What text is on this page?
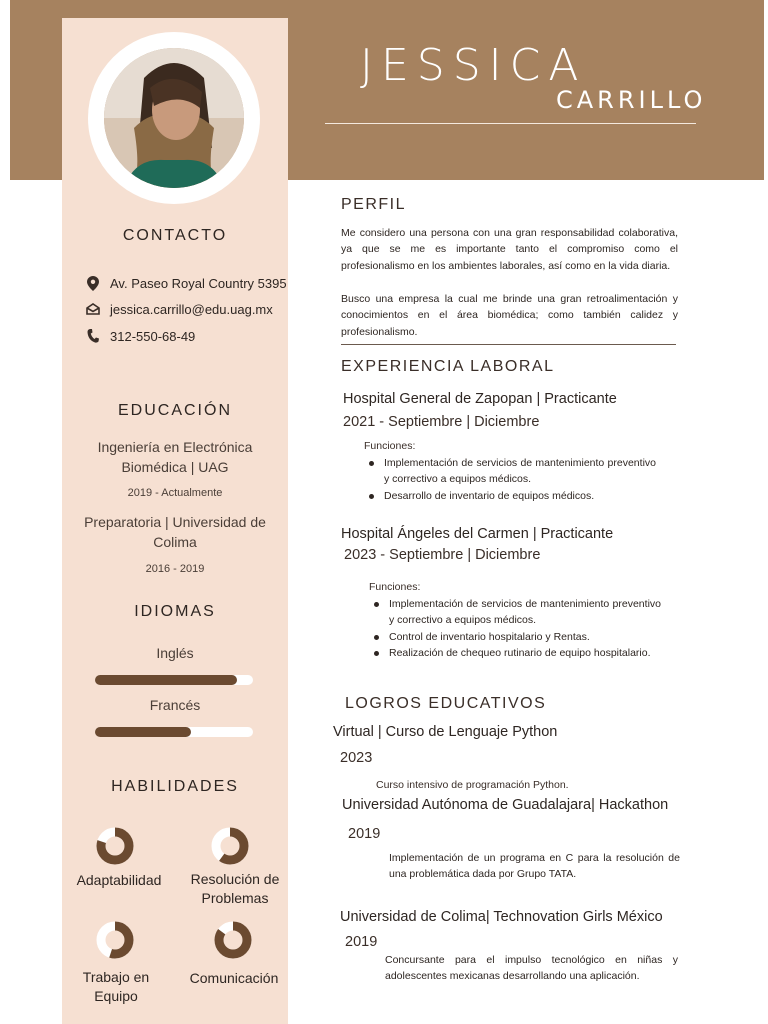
JESSICA
CARRILLO
CONTACTO
Av. Paseo Royal Country 5395
jessica.carrillo@edu.uag.mx
312-550-68-49
EDUCACIÓN
Ingeniería en Electrónica Biomédica | UAG
2019 - Actualmente
Preparatoria | Universidad de Colima
2016 - 2019
IDIOMAS
Inglés
Francés
HABILIDADES
Adaptabilidad	Resolución de Problemas
Trabajo en Equipo
Comunicación
PERFIL
Me considero una persona con una gran responsabilidad colaborativa, ya que se me es importante tanto el compromiso como el profesionalismo en los ambientes laborales, así como en la vida diaria.
Busco una empresa la cual me brinde una gran retroalimentación y conocimientos en el área biomédica; como también calidez y profesionalismo.
EXPERIENCIA LABORAL
Hospital General de Zapopan | Practicante
2021 - Septiembre | Diciembre
Funciones:
Implementación de servicios de mantenimiento preventivo y correctivo a equipos médicos.
Desarrollo de inventario de equipos médicos.
Hospital Ángeles del Carmen | Practicante
2023 - Septiembre | Diciembre
Funciones:
Implementación de servicios de mantenimiento preventivo y correctivo a equipos médicos.
Control de inventario hospitalario y Rentas.
Realización de chequeo rutinario de equipo hospitalario.
LOGROS EDUCATIVOS
Virtual | Curso de Lenguaje Python
2023
Curso intensivo de programación Python.
Universidad Autónoma de Guadalajara| Hackathon
2019
Implementación de un programa en C para la resolución de una problemática dada por Grupo TATA.
Universidad de Colima| Technovation Girls México
2019
Concursante para el impulso tecnológico en niñas y adolescentes mexicanas desarrollando una aplicación.
